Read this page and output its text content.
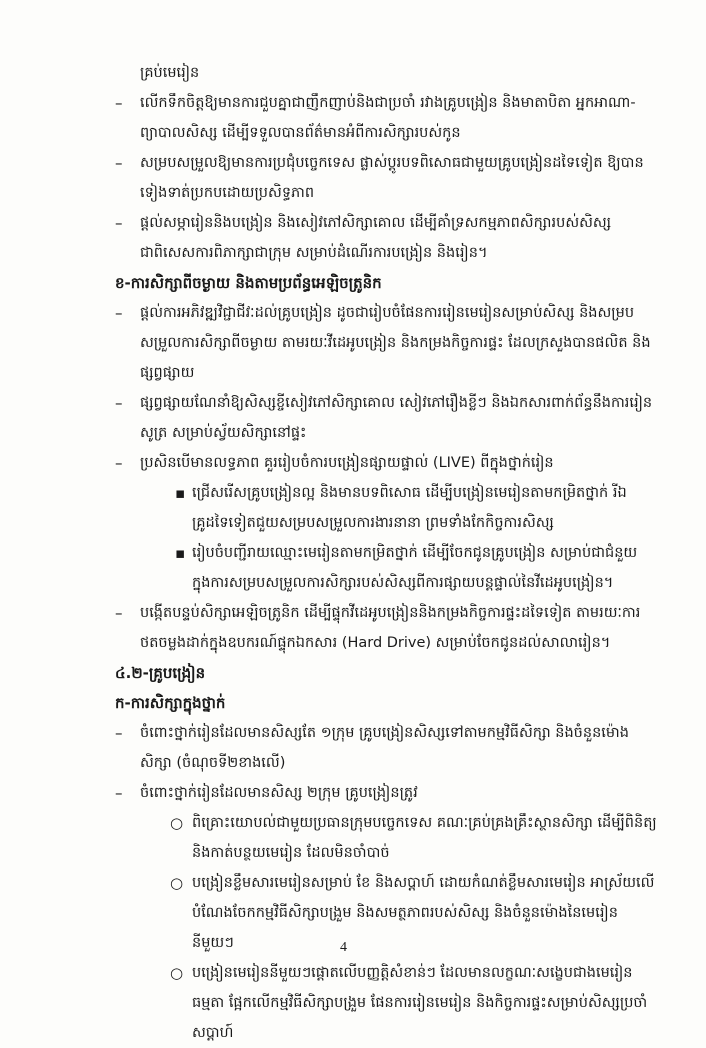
គ្រប់មេរៀន
– លើកទឹកចិត្តឱ្យមានការជួបគ្នាជាញឹកញាប់និងជាប្រចាំ រវាងគ្រូបង្រៀន និងមាតាបិតា អ្នកអាណា-
ព្យាបាលសិស្ស ដើម្បីទទួលបានព័ត៌មានអំពីការសិក្សារបស់កូន
– សម្របសម្រួលឱ្យមានការប្រជុំបច្ចេកទេស ផ្លាស់ប្តូរបទពិសោធជាមួយគ្រូបង្រៀនដទៃទៀត ឱ្យបាន
ទៀងទាត់ប្រកបដោយប្រសិទ្ធភាព
– ផ្តល់សម្ភារៀននិងបង្រៀន និងសៀវភៅសិក្សាគោល ដើម្បីគាំទ្រសកម្មភាពសិក្សារបស់សិស្ស
ជាពិសេសការពិភាក្សាជាក្រុម សម្រាប់ដំណើរការបង្រៀន និងរៀន។
ខ-ការសិក្សាពីចម្ងាយ និងតាមប្រព័ន្ធអេឡិចត្រូនិក
– ផ្តល់ការអភិវឌ្ឍវិជ្ជាជីវៈដល់គ្រូបង្រៀន ដូចជារៀបចំផែនការរៀនមេរៀនសម្រាប់សិស្ស និងសម្រប
សម្រួលការសិក្សាពីចម្ងាយ តាមរយៈវីដេអូបង្រៀន និងកម្រងកិច្ចការផ្ទះ ដែលក្រសួងបានផលិត និង
ផ្សព្វផ្សាយ
– ផ្សព្វផ្សាយណែនាំឱ្យសិស្សខ្ចីសៀវភៅសិក្សាគោល សៀវភៅរឿងខ្លីៗ និងឯកសារពាក់ព័ន្ធនឹងការរៀន
សូត្រ សម្រាប់ស្វ័យសិក្សានៅផ្ទះ
– ប្រសិនបើមានលទ្ធភាព គួររៀបចំការបង្រៀនផ្សាយផ្ទាល់ (LIVE) ពីក្នុងថ្នាក់រៀន
▪ ជ្រើសរើសគ្រូបង្រៀនល្អ និងមានបទពិសោធ ដើម្បីបង្រៀនមេរៀនតាមកម្រិតថ្នាក់ រីឯ
គ្រូដទៃទៀតជួយសម្របសម្រួលការងារនានា ព្រមទាំងកែកិច្ចការសិស្ស
▪ រៀបចំបញ្ជីរាយឈ្មោះមេរៀនតាមកម្រិតថ្នាក់ ដើម្បីចែកជូនគ្រូបង្រៀន សម្រាប់ជាជំនួយ
ក្នុងការសម្របសម្រួលការសិក្សារបស់សិស្សពីការផ្សាយបន្តផ្ទាល់នៃវីដេអូបង្រៀន។
– បង្កើតបន្ទប់សិក្សាអេឡិចត្រូនិក ដើម្បីផ្ទុកវីដេអូបង្រៀននិងកម្រងកិច្ចការផ្ទះដទៃទៀត តាមរយៈការ
ថតចម្លងដាក់ក្នុងឧបករណ៍ផ្ទុកឯកសារ (Hard Drive) សម្រាប់ចែកជូនដល់សាលារៀន។
៤.២-គ្រូបង្រៀន
ក-ការសិក្សាក្នុងថ្នាក់
– ចំពោះថ្នាក់រៀនដែលមានសិស្សតែ ១ក្រុម គ្រូបង្រៀនសិស្សទៅតាមកម្មវិធីសិក្សា និងចំនួនម៉ោង
សិក្សា (ចំណុចទី២ខាងលើ)
– ចំពោះថ្នាក់រៀនដែលមានសិស្ស ២ក្រុម គ្រូបង្រៀនត្រូវ
○ ពិគ្រោះយោបល់ជាមួយប្រធានក្រុមបច្ចេកទេស គណៈគ្រប់គ្រងគ្រឹះស្ថានសិក្សា ដើម្បីពិនិត្យ
និងកាត់បន្ថយមេរៀន ដែលមិនចាំបាច់
○ បង្រៀនខ្លឹមសារមេរៀនសម្រាប់ ខែ និងសប្តាហ៍ ដោយកំណត់ខ្លឹមសារមេរៀន អាស្រ័យលើ
បំណែងចែកកម្មវិធីសិក្សាបង្រួម និងសមត្ថភាពរបស់សិស្ស និងចំនួនម៉ោងនៃមេរៀន
នីមួយៗ
○ បង្រៀនមេរៀននីមួយៗផ្តោតលើបញ្ញត្តិសំខាន់ៗ ដែលមានលក្ខណៈសង្ខេបជាងមេរៀន
ធម្មតា ផ្អែកលើកម្មវិធីសិក្សាបង្រួម ផែនការរៀនមេរៀន និងកិច្ចការផ្ទះសម្រាប់សិស្សប្រចាំ
សប្តាហ៍
4
